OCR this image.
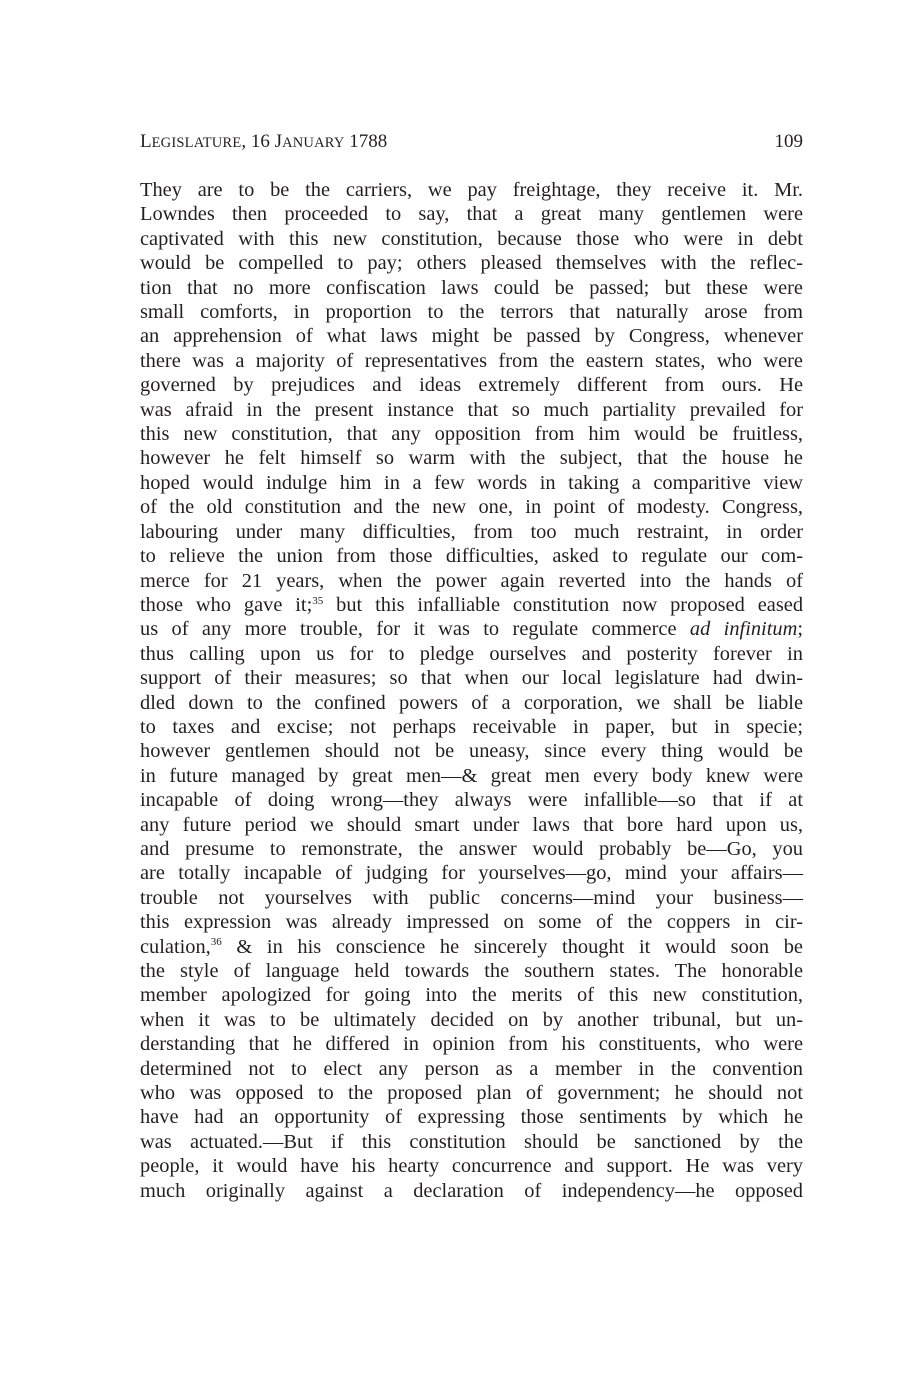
LEGISLATURE, 16 JANUARY 1788	109
They are to be the carriers, we pay freightage, they receive it. Mr.
Lowndes then proceeded to say, that a great many gentlemen were
captivated with this new constitution, because those who were in debt
would be compelled to pay; others pleased themselves with the reflec-
tion that no more confiscation laws could be passed; but these were
small comforts, in proportion to the terrors that naturally arose from
an apprehension of what laws might be passed by Congress, whenever
there was a majority of representatives from the eastern states, who were
governed by prejudices and ideas extremely different from ours. He
was afraid in the present instance that so much partiality prevailed for
this new constitution, that any opposition from him would be fruitless,
however he felt himself so warm with the subject, that the house he
hoped would indulge him in a few words in taking a comparitive view
of the old constitution and the new one, in point of modesty. Congress,
labouring under many difficulties, from too much restraint, in order
to relieve the union from those difficulties, asked to regulate our com-
merce for 21 years, when the power again reverted into the hands of
those who gave it;$^{35}$ but this infalliable constitution now proposed eased
us of any more trouble, for it was to regulate commerce ad infinitum;
thus calling upon us for to pledge ourselves and posterity forever in
support of their measures; so that when our local legislature had dwin-
dled down to the confined powers of a corporation, we shall be liable
to taxes and excise; not perhaps receivable in paper, but in specie;
however gentlemen should not be uneasy, since every thing would be
in future managed by great men—& great men every body knew were
incapable of doing wrong—they always were infallible—so that if at
any future period we should smart under laws that bore hard upon us,
and presume to remonstrate, the answer would probably be—Go, you
are totally incapable of judging for yourselves—go, mind your affairs—
trouble not yourselves with public concerns—mind your business—
this expression was already impressed on some of the coppers in cir-
culation,$^{36}$ & in his conscience he sincerely thought it would soon be
the style of language held towards the southern states. The honorable
member apologized for going into the merits of this new constitution,
when it was to be ultimately decided on by another tribunal, but un-
derstanding that he differed in opinion from his constituents, who were
determined not to elect any person as a member in the convention
who was opposed to the proposed plan of government; he should not
have had an opportunity of expressing those sentiments by which he
was actuated.—But if this constitution should be sanctioned by the
people, it would have his hearty concurrence and support. He was very
much originally against a declaration of independency—he opposed
